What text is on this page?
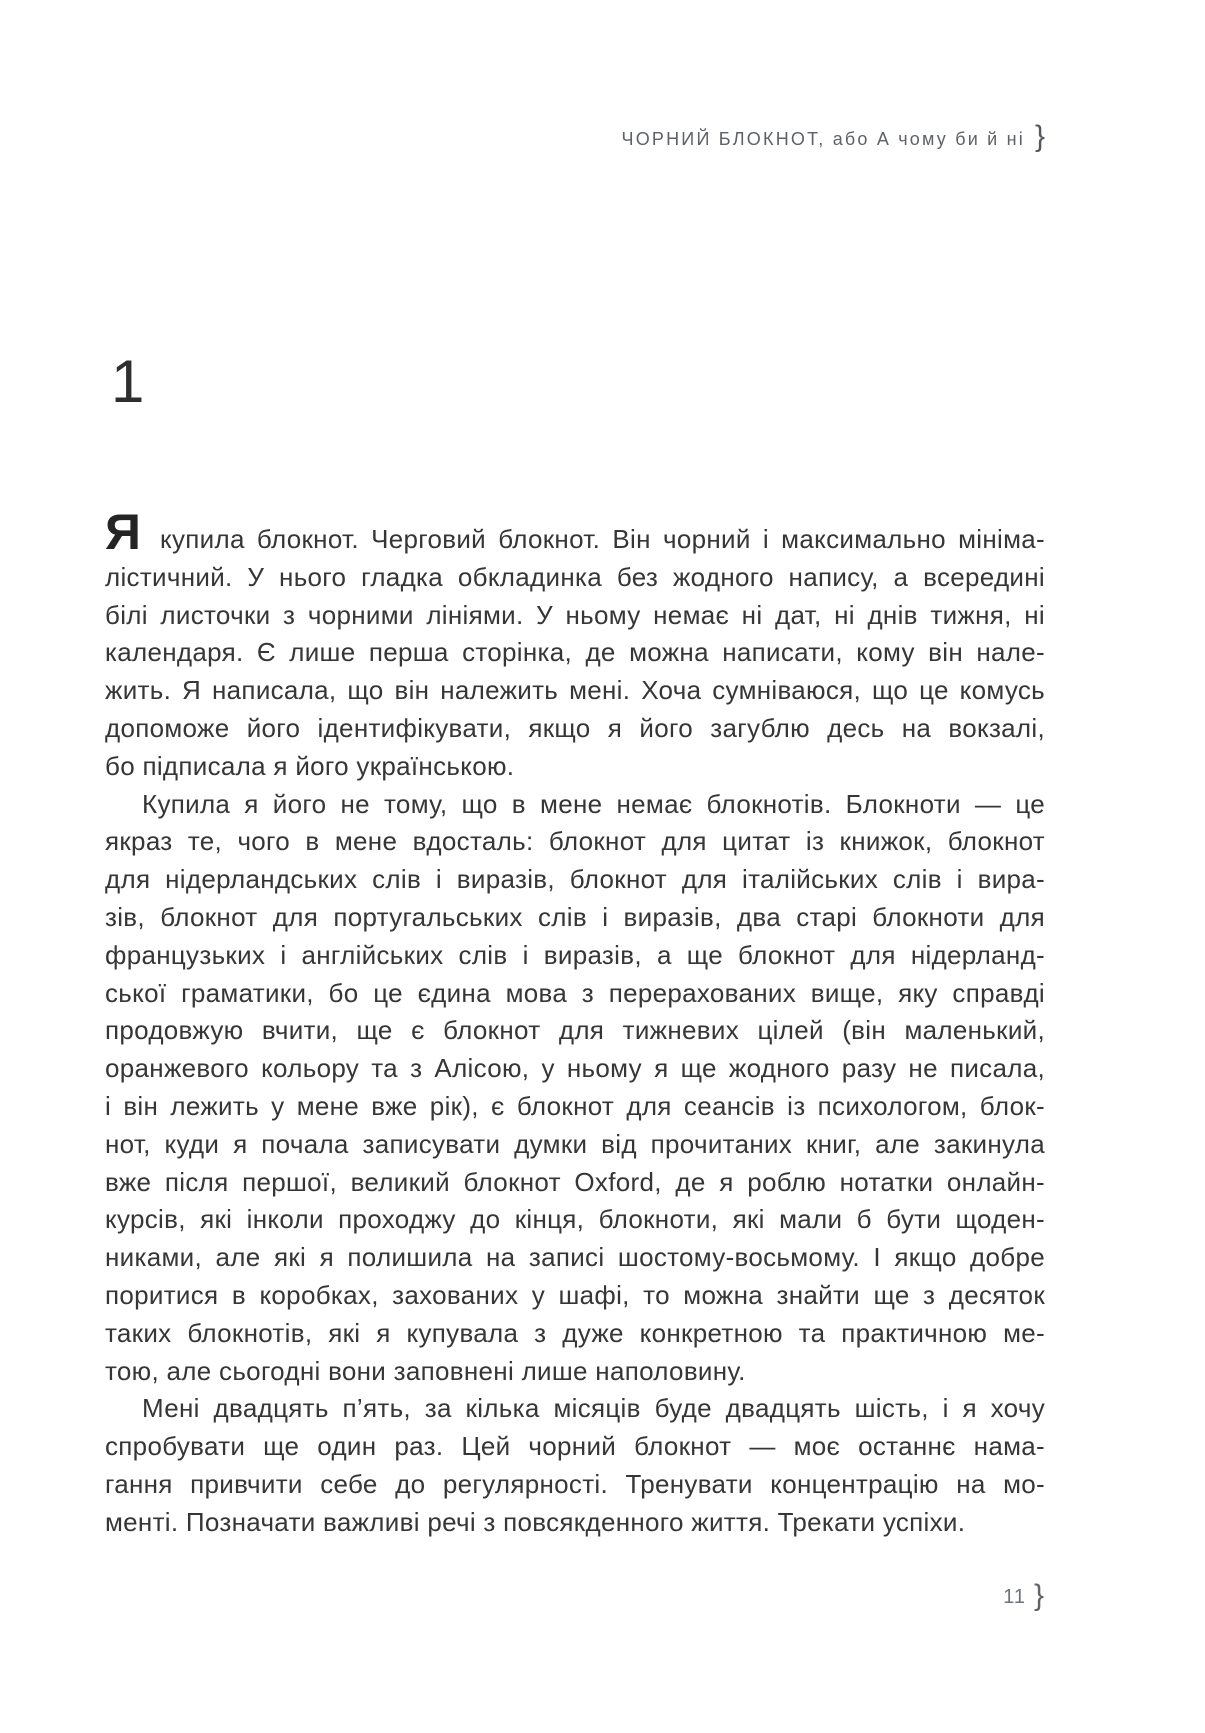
ЧОРНИЙ БЛОКНОТ, або А чому би й ні }
1
Я купила блокнот. Черговий блокнот. Він чорний і максимально мініма-
лістичний. У нього гладка обкладинка без жодного напису, а всередині
білі листочки з чорними лініями. У ньому немає ні дат, ні днів тижня, ні
календаря. Є лише перша сторінка, де можна написати, кому він нале-
жить. Я написала, що він належить мені. Хоча сумніваюся, що це комусь
допоможе його ідентифікувати, якщо я його загублю десь на вокзалі,
бо підписала я його українською.
Купила я його не тому, що в мене немає блокнотів. Блокноти — це
якраз те, чого в мене вдосталь: блокнот для цитат із книжок, блокнот
для нідерландських слів і виразів, блокнот для італійських слів і вира-
зів, блокнот для португальських слів і виразів, два старі блокноти для
французьких і англійських слів і виразів, а ще блокнот для нідерланд-
ської граматики, бо це єдина мова з перерахованих вище, яку справді
продовжую вчити, ще є блокнот для тижневих цілей (він маленький,
оранжевого кольору та з Алісою, у ньому я ще жодного разу не писала,
і він лежить у мене вже рік), є блокнот для сеансів із психологом, блок-
нот, куди я почала записувати думки від прочитаних книг, але закинула
вже після першої, великий блокнот Oxford, де я роблю нотатки онлайн-
курсів, які інколи проходжу до кінця, блокноти, які мали б бути щоден-
никами, але які я полишила на записі шостому-восьмому. І якщо добре
поритися в коробках, захованих у шафі, то можна знайти ще з десяток
таких блокнотів, які я купувала з дуже конкретною та практичною ме-
тою, але сьогодні вони заповнені лише наполовину.
Мені двадцять п’ять, за кілька місяців буде двадцять шість, і я хочу
спробувати ще один раз. Цей чорний блокнот — моє останнє нама-
гання привчити себе до регулярності. Тренувати концентрацію на мо-
менті. Позначати важливі речі з повсякденного життя. Трекати успіхи.
11 }
